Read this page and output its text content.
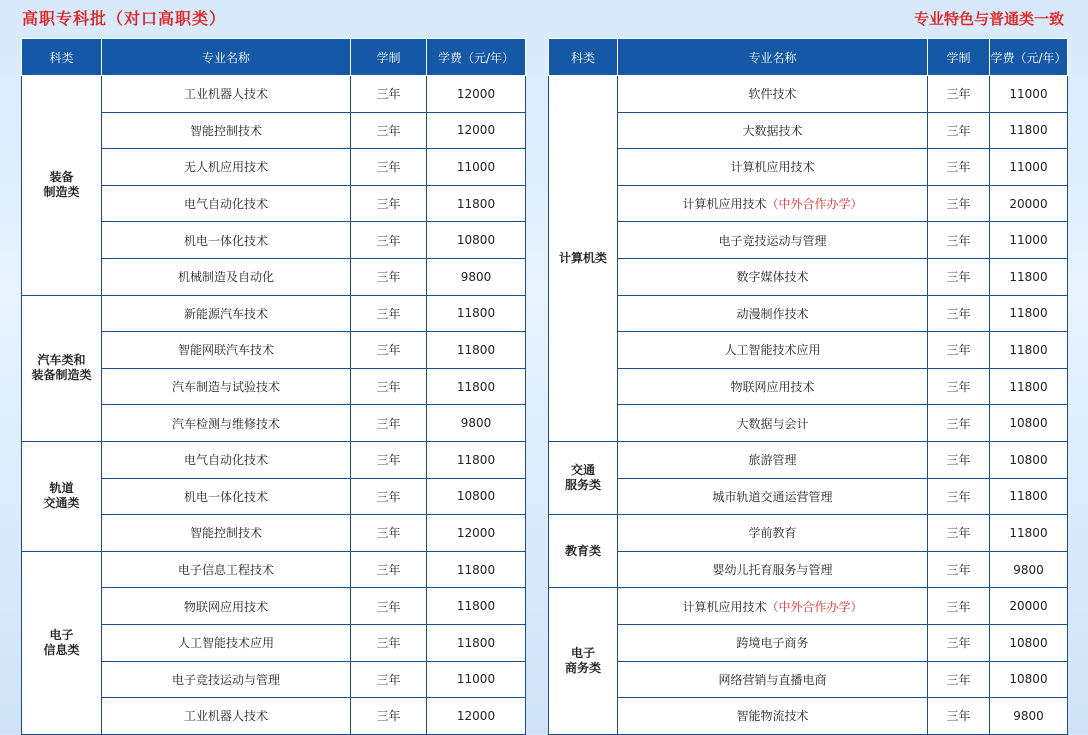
高职专科批（对口高职类）	专业特色与普通类一致
科类	专业名称	学制	学费（元/年）

装备
制造类	工业机器人技术	三年	12000
	智能控制技术	三年	12000
	无人机应用技术	三年	11000
	电气自动化技术	三年	11800
	机电一体化技术	三年	10800
	机械制造及自动化	三年	9800

汽车类和
装备制造类	新能源汽车技术	三年	11800
	智能网联汽车技术	三年	11800
	汽车制造与试验技术	三年	11800
	汽车检测与维修技术	三年	9800

轨道
交通类	电气自动化技术	三年	11800
	机电一体化技术	三年	10800
	智能控制技术	三年	12000

电子
信息类	电子信息工程技术	三年	11800
	物联网应用技术	三年	11800
	人工智能技术应用	三年	11800
	电子竞技运动与管理	三年	11000
	工业机器人技术	三年	12000
科类	专业名称	学制	学费（元/年）

计算机类	软件技术	三年	11000
	大数据技术	三年	11800
	计算机应用技术	三年	11000
	计算机应用技术（中外合作办学）	三年	20000
	电子竞技运动与管理	三年	11000
	数字媒体技术	三年	11800
	动漫制作技术	三年	11800
	人工智能技术应用	三年	11800
	物联网应用技术	三年	11800
	大数据与会计	三年	10800

交通
服务类	旅游管理	三年	10800
	城市轨道交通运营管理	三年	11800

教育类	学前教育	三年	11800
	婴幼儿托育服务与管理	三年	9800

电子
商务类	计算机应用技术（中外合作办学）	三年	20000
	跨境电子商务	三年	10800
	网络营销与直播电商	三年	10800
	智能物流技术	三年	9800
